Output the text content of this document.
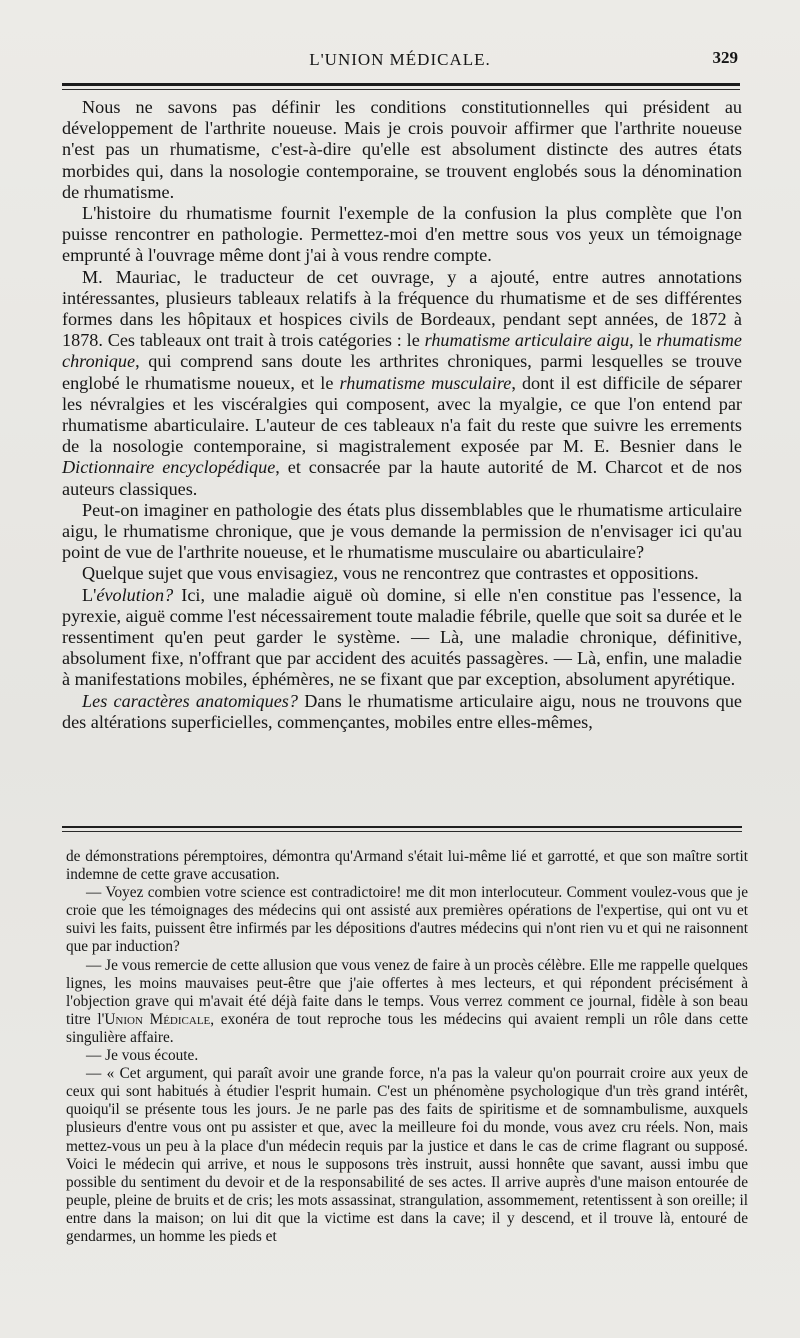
L'UNION MÉDICALE.	329

Nous ne savons pas définir les conditions constitutionnelles qui président au développement de l'arthrite noueuse. Mais je crois pouvoir affirmer que l'arthrite noueuse n'est pas un rhumatisme, c'est-à-dire qu'elle est absolument distincte des autres états morbides qui, dans la nosologie contemporaine, se trouvent englobés sous la dénomination de rhumatisme.

L'histoire du rhumatisme fournit l'exemple de la confusion la plus complète que l'on puisse rencontrer en pathologie. Permettez-moi d'en mettre sous vos yeux un témoignage emprunté à l'ouvrage même dont j'ai à vous rendre compte.

M. Mauriac, le traducteur de cet ouvrage, y a ajouté, entre autres annotations intéressantes, plusieurs tableaux relatifs à la fréquence du rhumatisme et de ses différentes formes dans les hôpitaux et hospices civils de Bordeaux, pendant sept années, de 1872 à 1878. Ces tableaux ont trait à trois catégories : le rhumatisme articulaire aigu, le rhumatisme chronique, qui comprend sans doute les arthrites chroniques, parmi lesquelles se trouve englobé le rhumatisme noueux, et le rhumatisme musculaire, dont il est difficile de séparer les névralgies et les viscéralgies qui composent, avec la myalgie, ce que l'on entend par rhumatisme abarticulaire. L'auteur de ces tableaux n'a fait du reste que suivre les errements de la nosologie contemporaine, si magistralement exposée par M. E. Besnier dans le Dictionnaire encyclopédique, et consacrée par la haute autorité de M. Charcot et de nos auteurs classiques.

Peut-on imaginer en pathologie des états plus dissemblables que le rhumatisme articulaire aigu, le rhumatisme chronique, que je vous demande la permission de n'envisager ici qu'au point de vue de l'arthrite noueuse, et le rhumatisme musculaire ou abarticulaire?

Quelque sujet que vous envisagiez, vous ne rencontrez que contrastes et oppositions.

L'évolution? Ici, une maladie aiguë où domine, si elle n'en constitue pas l'essence, la pyrexie, aiguë comme l'est nécessairement toute maladie fébrile, quelle que soit sa durée et le ressentiment qu'en peut garder le système. — Là, une maladie chronique, définitive, absolument fixe, n'offrant que par accident des acuités passagères. — Là, enfin, une maladie à manifestations mobiles, éphémères, ne se fixant que par exception, absolument apyrétique.

Les caractères anatomiques? Dans le rhumatisme articulaire aigu, nous ne trouvons que des altérations superficielles, commençantes, mobiles entre elles-mêmes,

de démonstrations péremptoires, démontra qu'Armand s'était lui-même lié et garrotté, et que son maître sortit indemne de cette grave accusation.

— Voyez combien votre science est contradictoire! me dit mon interlocuteur. Comment voulez-vous que je croie que les témoignages des médecins qui ont assisté aux premières opérations de l'expertise, qui ont vu et suivi les faits, puissent être infirmés par les dépositions d'autres médecins qui n'ont rien vu et qui ne raisonnent que par induction?

— Je vous remercie de cette allusion que vous venez de faire à un procès célèbre. Elle me rappelle quelques lignes, les moins mauvaises peut-être que j'aie offertes à mes lecteurs, et qui répondent précisément à l'objection grave qui m'avait été déjà faite dans le temps. Vous verrez comment ce journal, fidèle à son beau titre l'Union Médicale, exonéra de tout reproche tous les médecins qui avaient rempli un rôle dans cette singulière affaire.

— Je vous écoute.

— « Cet argument, qui paraît avoir une grande force, n'a pas la valeur qu'on pourrait croire aux yeux de ceux qui sont habitués à étudier l'esprit humain. C'est un phénomène psychologique d'un très grand intérêt, quoiqu'il se présente tous les jours. Je ne parle pas des faits de spiritisme et de somnambulisme, auxquels plusieurs d'entre vous ont pu assister et que, avec la meilleure foi du monde, vous avez cru réels. Non, mais mettez-vous un peu à la place d'un médecin requis par la justice et dans le cas de crime flagrant ou supposé. Voici le médecin qui arrive, et nous le supposons très instruit, aussi honnête que savant, aussi imbu que possible du sentiment du devoir et de la responsabilité de ses actes. Il arrive auprès d'une maison entourée de peuple, pleine de bruits et de cris; les mots assassinat, strangulation, assommement, retentissent à son oreille; il entre dans la maison; on lui dit que la victime est dans la cave; il y descend, et il trouve là, entouré de gendarmes, un homme les pieds et
